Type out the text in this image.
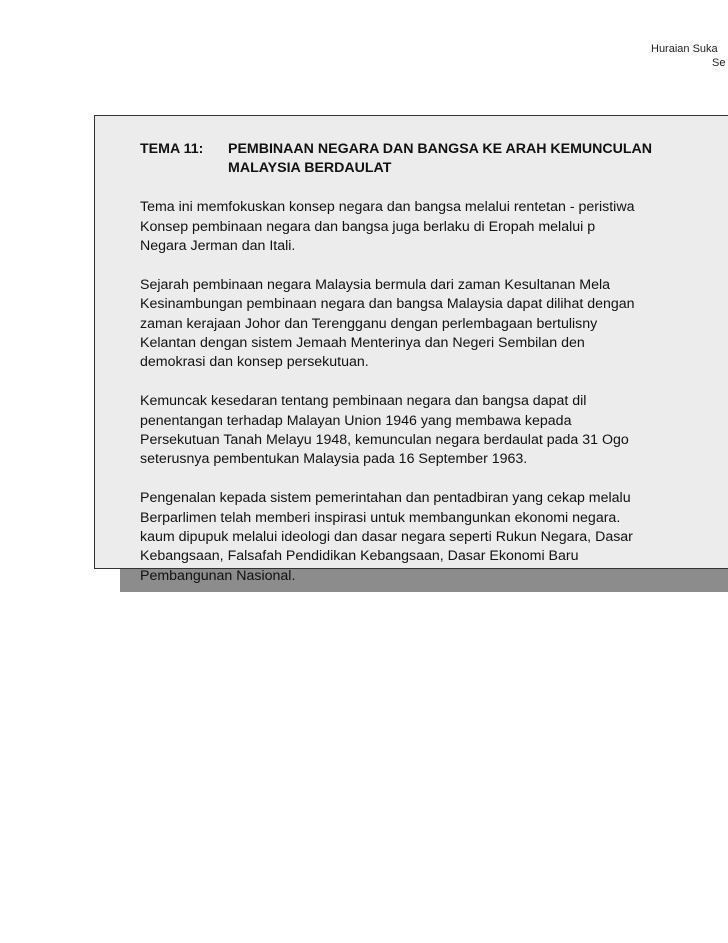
Huraian Suka
Se
TEMA 11: PEMBINAAN NEGARA DAN BANGSA KE ARAH KEMUNCULAN
MALAYSIA BERDAULAT
Tema ini memfokuskan konsep negara dan bangsa melalui rentetan - peristiwa
Konsep pembinaan negara dan bangsa juga berlaku di Eropah melalui p
Negara Jerman dan Itali.
Sejarah pembinaan negara Malaysia bermula dari zaman Kesultanan Mela
Kesinambungan pembinaan negara dan bangsa Malaysia dapat dilihat dengan
zaman kerajaan Johor dan Terengganu dengan perlembagaan bertulisny
Kelantan dengan sistem Jemaah Menterinya dan Negeri Sembilan den
demokrasi dan konsep persekutuan.
Kemuncak kesedaran tentang pembinaan negara dan bangsa dapat dil
penentangan terhadap Malayan Union 1946 yang membawa kepada
Persekutuan Tanah Melayu 1948, kemunculan negara berdaulat pada 31 Ogo
seterusnya pembentukan Malaysia pada 16 September 1963.
Pengenalan kepada sistem pemerintahan dan pentadbiran yang cekap melalu
Berparlimen telah memberi inspirasi untuk membangunkan ekonomi negara.
kaum dipupuk melalui ideologi dan dasar negara seperti Rukun Negara, Dasar
Kebangsaan, Falsafah Pendidikan Kebangsaan, Dasar Ekonomi Baru
Pembangunan Nasional.
